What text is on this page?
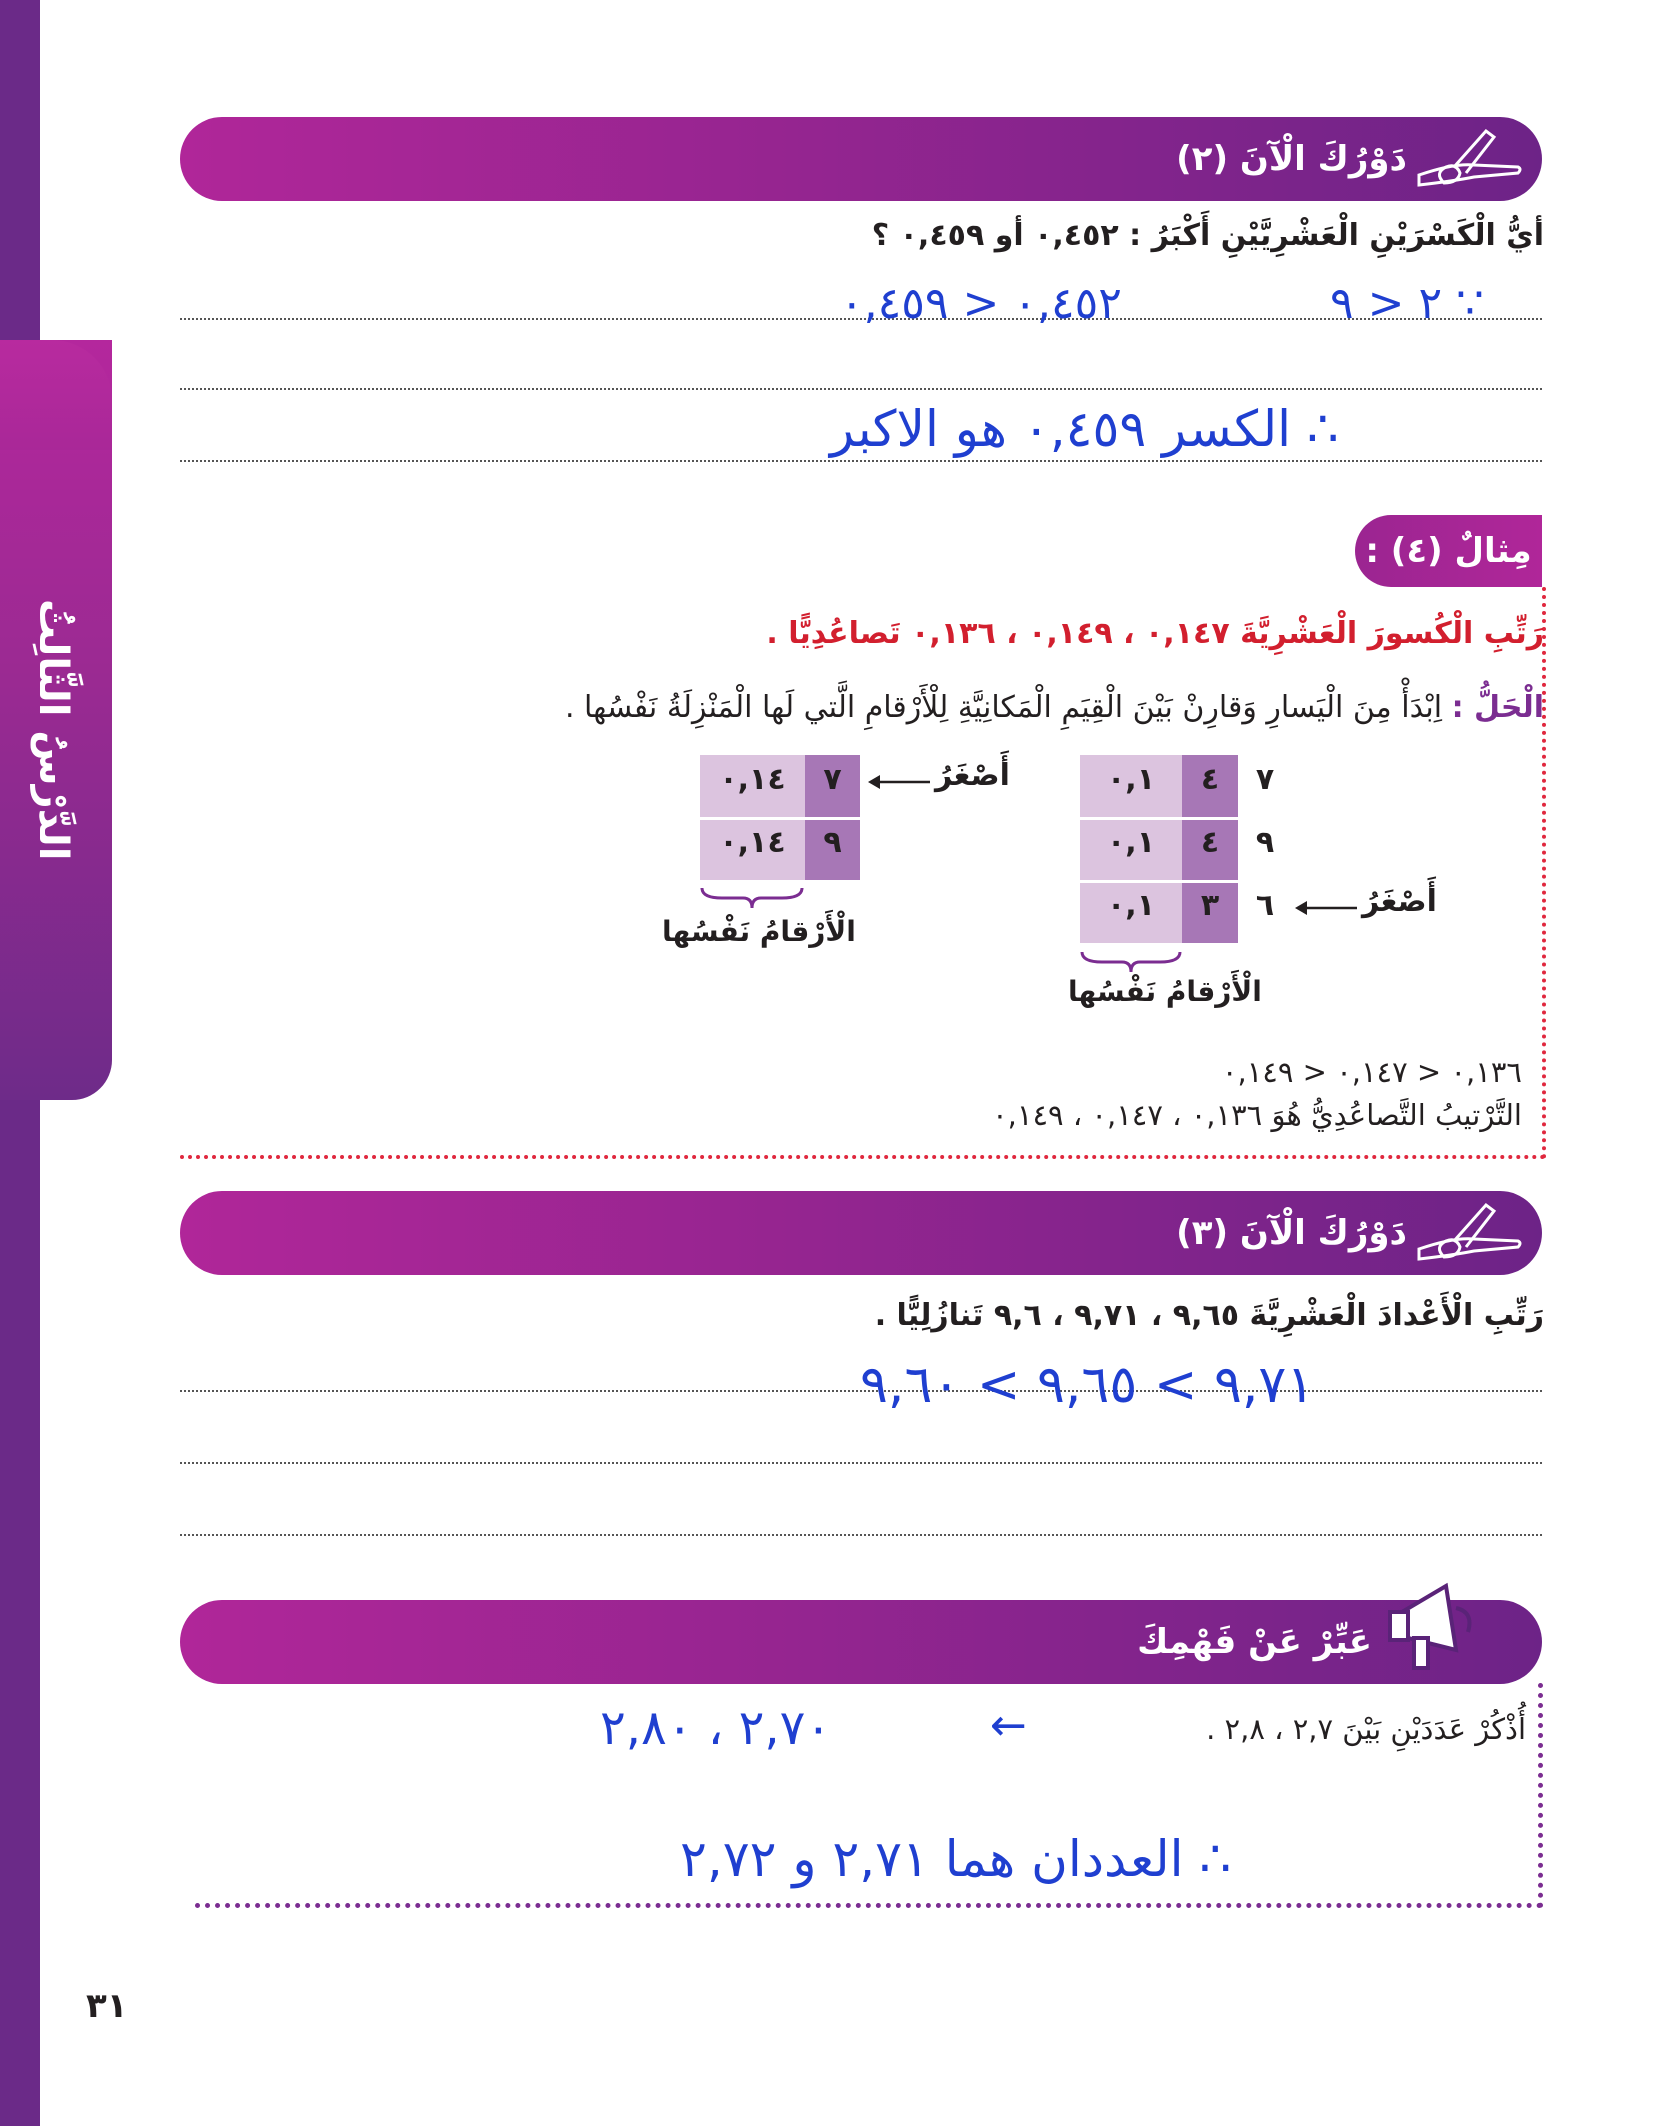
الدَّرْسُ الثَّالِثُ
٣١
دَوْرُكَ الْآنَ (٢)
أيُّ الْكَسْرَيْنِ الْعَشْرِيَّيْنِ أَكْبَرُ : ٠,٤٥٢ أو ٠,٤٥٩ ؟
∵ ٢ < ٩
٠,٤٥٢ < ٠,٤٥٩
∴ الكسر ٠,٤٥٩ هو الاكبر
مِثالٌ (٤) :
رَتِّبِ الْكُسورَ الْعَشْرِيَّةَ ٠,١٤٧ ، ٠,١٤٩ ، ٠,١٣٦ تَصاعُدِيًّا .
الْحَلُّ : اِبْدَأْ مِنَ الْيَسارِ وَقارِنْ بَيْنَ الْقِيَمِ الْمَكانِيَّةِ لِلْأَرْقامِ الَّتي لَها الْمَنْزِلَةُ نَفْسُها .
٠,١	٤	٧
٠,١	٤	٩
٠,١	٣	٦	أَصْغَرُ
الْأَرْقامُ نَفْسُها
٠,١٤	٧
٠,١٤	٩
أَصْغَرُ
الْأَرْقامُ نَفْسُها
٠,١٣٦ < ٠,١٤٧ < ٠,١٤٩
التَّرْتيبُ التَّصاعُدِيُّ هُوَ ٠,١٣٦ ، ٠,١٤٧ ، ٠,١٤٩
دَوْرُكَ الْآنَ (٣)
رَتِّبِ الْأَعْدادَ الْعَشْرِيَّةَ ٩,٦٥ ، ٩,٧١ ، ٩,٦ تَنازُلِيًّا .
٩,٧١ > ٩,٦٥ > ٩,٦٠
عَبِّرْ عَنْ فَهْمِكَ
أُذْكُرْ عَدَدَيْنِ بَيْنَ ٢,٧ ، ٢,٨ .
←
٢,٧٠ ، ٢,٨٠
∴ العددان هما ٢,٧١ و ٢,٧٢
